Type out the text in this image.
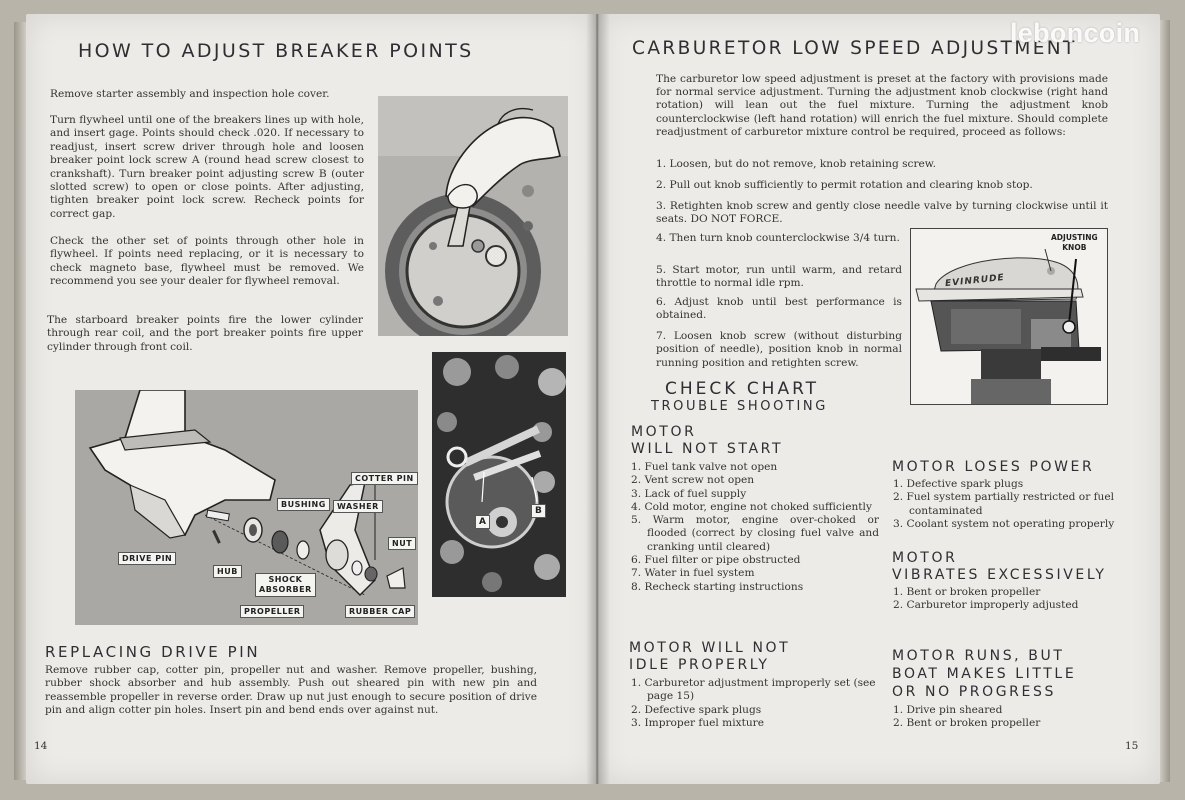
HOW TO ADJUST BREAKER POINTS
Remove starter assembly and inspection hole cover.
Turn flywheel until one of the breakers lines up with hole, and insert gage. Points should check .020. If necessary to readjust, insert screw driver through hole and loosen breaker point lock screw A (round head screw closest to crankshaft). Turn breaker point adjusting screw B (outer slotted screw) to open or close points. After adjusting, tighten breaker point lock screw. Recheck points for correct gap.
Check the other set of points through other hole in flywheel. If points need replacing, or it is necessary to check magneto base, flywheel must be removed. We recommend you see your dealer for flywheel removal.
The starboard breaker points fire the lower cylinder through rear coil, and the port breaker points fire upper cylinder through front coil.
COTTER PIN
BUSHING	WASHER
NUT
DRIVE PIN
HUB
SHOCK
ABSORBER
PROPELLER	RUBBER CAP
A
B
REPLACING DRIVE PIN
Remove rubber cap, cotter pin, propeller nut and washer. Remove propeller, bushing, rubber shock absorber and hub assembly. Push out sheared pin with new pin and reassemble propeller in reverse order. Draw up nut just enough to secure position of drive pin and align cotter pin holes. Insert pin and bend ends over against nut.
14
CARBURETOR LOW SPEED ADJUSTMENT
The carburetor low speed adjustment is preset at the factory with provisions made for normal service adjustment. Turning the adjustment knob clockwise (right hand rotation) will lean out the fuel mixture. Turning the adjustment knob counterclockwise (left hand rotation) will enrich the fuel mixture. Should complete readjustment of carburetor mixture control be required, proceed as follows:
1. Loosen, but do not remove, knob retaining screw.
2. Pull out knob sufficiently to permit rotation and clearing knob stop.
3. Retighten knob screw and gently close needle valve by turning clockwise until it seats. DO NOT FORCE.
4. Then turn knob counterclockwise 3/4 turn.
5. Start motor, run until warm, and retard throttle to normal idle rpm.
6. Adjust knob until best performance is obtained.
7. Loosen knob screw (without disturbing position of needle), position knob in normal running position and retighten screw.
EVINRUDE
ADJUSTING
KNOB
CHECK CHART
TROUBLE SHOOTING
MOTOR
WILL NOT START
1. Fuel tank valve not open
2. Vent screw not open
3. Lack of fuel supply
4. Cold motor, engine not choked sufficiently
5. Warm motor, engine over-choked or flooded (correct by closing fuel valve and cranking until cleared)
6. Fuel filter or pipe obstructed
7. Water in fuel system
8. Recheck starting instructions
MOTOR WILL NOT
IDLE PROPERLY
1. Carburetor adjustment improperly set (see page 15)
2. Defective spark plugs
3. Improper fuel mixture
MOTOR LOSES POWER
1. Defective spark plugs
2. Fuel system partially restricted or fuel contaminated
3. Coolant system not operating properly
MOTOR
VIBRATES EXCESSIVELY
1. Bent or broken propeller
2. Carburetor improperly adjusted
MOTOR RUNS, BUT
BOAT MAKES LITTLE
OR NO PROGRESS
1. Drive pin sheared
2. Bent or broken propeller
15
leboncoin
